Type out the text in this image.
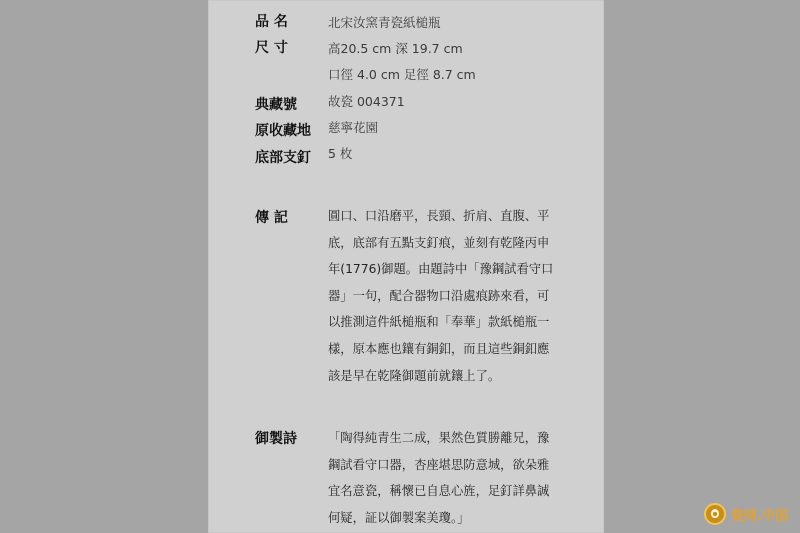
品 名	北宋汝窯青瓷紙槌瓶
尺 寸	高20.5 cm 深 19.7 cm
口徑 4.0 cm 足徑 8.7 cm
典藏號 故瓷 004371
原收藏地 慈寧花園
底部支釘 5 枚
傳 記	圓口、口沿磨平，長頸、折肩、直腹、平
底，底部有五點支釘痕，並刻有乾隆丙申
年(1776)御題。由題詩中「豫鋼試看守口
器」一句，配合器物口沿處痕跡來看，可
以推測這件紙槌瓶和「奉華」款紙槌瓶一
樣，原本應也鑲有銅釦，而且這些銅釦應
該是早在乾隆御題前就鑲上了。
御製詩	「陶得純青生二成，果然色質勝離兄，豫
鋼試看守口器，杏座堪思防意城，欲朵雅
宜名意瓷，稱懷已自息心旌，足釘詳鼻誠
何疑，証以御製案美瓊。」	瓷网.中国
